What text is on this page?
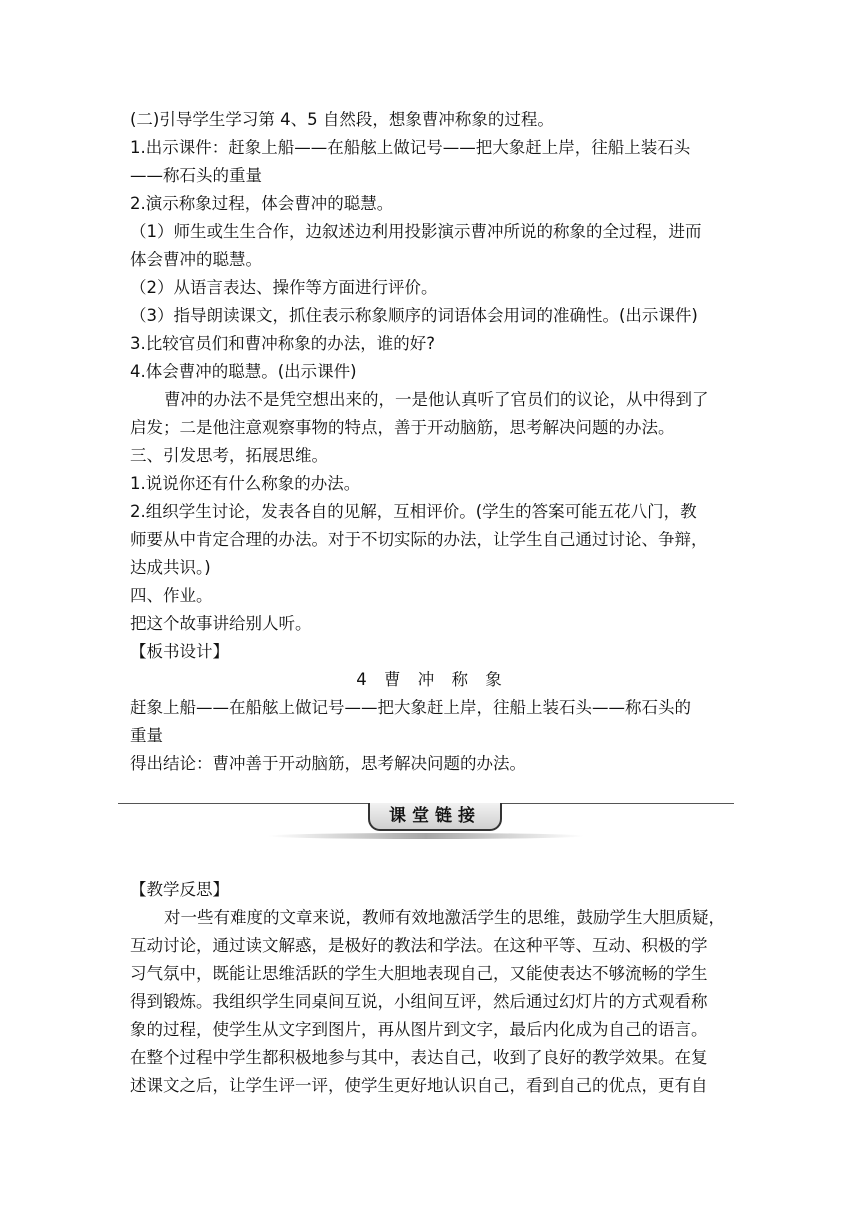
(二)引导学生学习第 4、5 自然段，想象曹冲称象的过程。
1.出示课件：赶象上船——在船舷上做记号——把大象赶上岸，往船上装石头
——称石头的重量
2.演示称象过程，体会曹冲的聪慧。
（1）师生或生生合作，边叙述边利用投影演示曹冲所说的称象的全过程，进而
体会曹冲的聪慧。
（2）从语言表达、操作等方面进行评价。
（3）指导朗读课文，抓住表示称象顺序的词语体会用词的准确性。(出示课件)
3.比较官员们和曹冲称象的办法，谁的好?
4.体会曹冲的聪慧。(出示课件)
曹冲的办法不是凭空想出来的，一是他认真听了官员们的议论，从中得到了
启发；二是他注意观察事物的特点，善于开动脑筋，思考解决问题的办法。
三、引发思考，拓展思维。
1.说说你还有什么称象的办法。
2.组织学生讨论，发表各自的见解，互相评价。(学生的答案可能五花八门，教
师要从中肯定合理的办法。对于不切实际的办法，让学生自己通过讨论、争辩，
达成共识。)
四、作业。
把这个故事讲给别人听。
【板书设计】
4 曹 冲 称 象
赶象上船——在船舷上做记号——把大象赶上岸，往船上装石头——称石头的
重量
得出结论：曹冲善于开动脑筋，思考解决问题的办法。
课堂链接
【教学反思】
对一些有难度的文章来说，教师有效地激活学生的思维，鼓励学生大胆质疑，
互动讨论，通过读文解惑，是极好的教法和学法。在这种平等、互动、积极的学
习气氛中，既能让思维活跃的学生大胆地表现自己，又能使表达不够流畅的学生
得到锻炼。我组织学生同桌间互说，小组间互评，然后通过幻灯片的方式观看称
象的过程，使学生从文字到图片，再从图片到文字，最后内化成为自己的语言。
在整个过程中学生都积极地参与其中，表达自己，收到了良好的教学效果。在复
述课文之后，让学生评一评，使学生更好地认识自己，看到自己的优点，更有自
